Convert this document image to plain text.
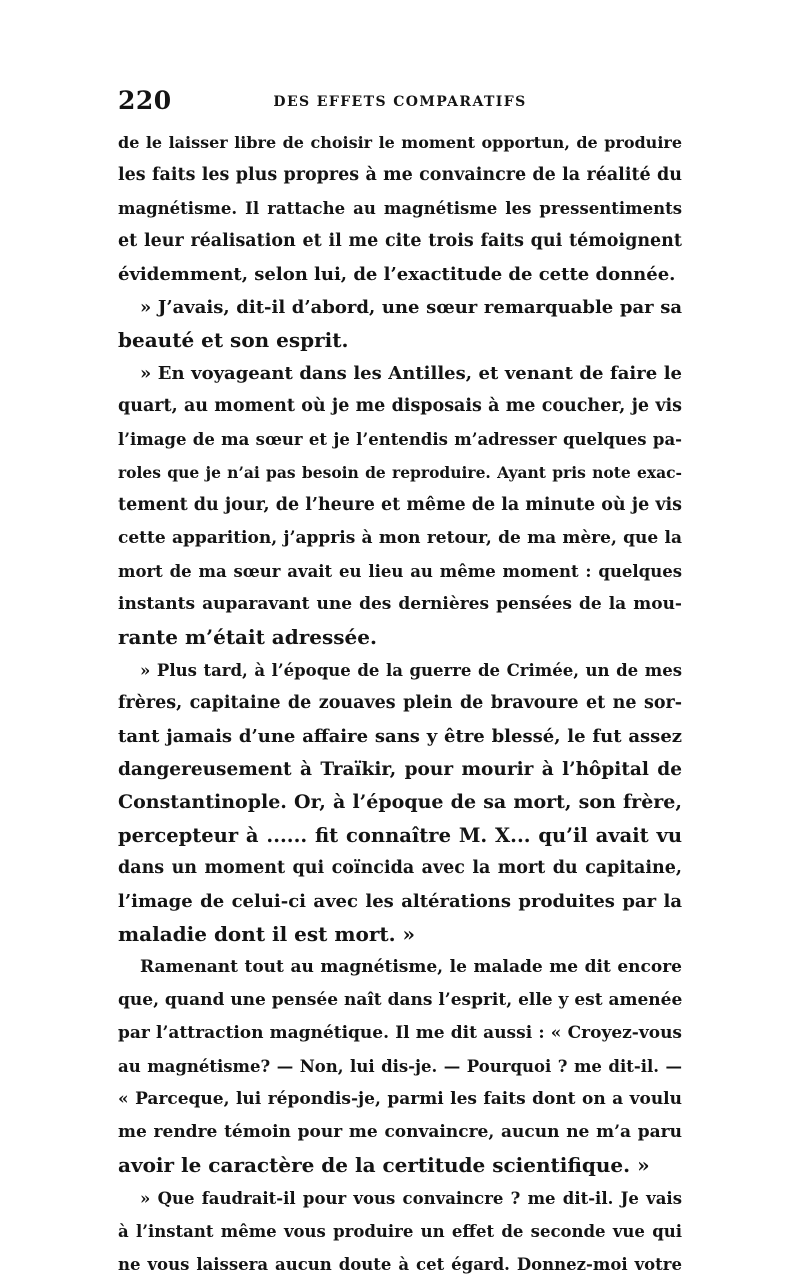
220	DES EFFETS COMPARATIFS
de le laisser libre de choisir le moment opportun, de produire
les faits les plus propres à me convaincre de la réalité du
magnétisme. Il rattache au magnétisme les pressentiments
et leur réalisation et il me cite trois faits qui témoignent
évidemment, selon lui, de l’exactitude de cette donnée.
» J’avais, dit-il d’abord, une sœur remarquable par sa
beauté et son esprit.
» En voyageant dans les Antilles, et venant de faire le
quart, au moment où je me disposais à me coucher, je vis
l’image de ma sœur et je l’entendis m’adresser quelques pa-
roles que je n’ai pas besoin de reproduire. Ayant pris note exac-
tement du jour, de l’heure et même de la minute où je vis
cette apparition, j’appris à mon retour, de ma mère, que la
mort de ma sœur avait eu lieu au même moment : quelques
instants auparavant une des dernières pensées de la mou-
rante m’était adressée.
» Plus tard, à l’époque de la guerre de Crimée, un de mes
frères, capitaine de zouaves plein de bravoure et ne sor-
tant jamais d’une affaire sans y être blessé, le fut assez
dangereusement à Traïkir, pour mourir à l’hôpital de
Constantinople. Or, à l’époque de sa mort, son frère,
percepteur à ...... fit connaître M. X... qu’il avait vu
dans un moment qui coïncida avec la mort du capitaine,
l’image de celui-ci avec les altérations produites par la
maladie dont il est mort. »
Ramenant tout au magnétisme, le malade me dit encore
que, quand une pensée naît dans l’esprit, elle y est amenée
par l’attraction magnétique. Il me dit aussi : « Croyez-vous
au magnétisme? — Non, lui dis-je. — Pourquoi ? me dit-il. —
« Parceque, lui répondis-je, parmi les faits dont on a voulu
me rendre témoin pour me convaincre, aucun ne m’a paru
avoir le caractère de la certitude scientifique. »
» Que faudrait-il pour vous convaincre ? me dit-il. Je vais
à l’instant même vous produire un effet de seconde vue qui
ne vous laissera aucun doute à cet égard. Donnez-moi votre
